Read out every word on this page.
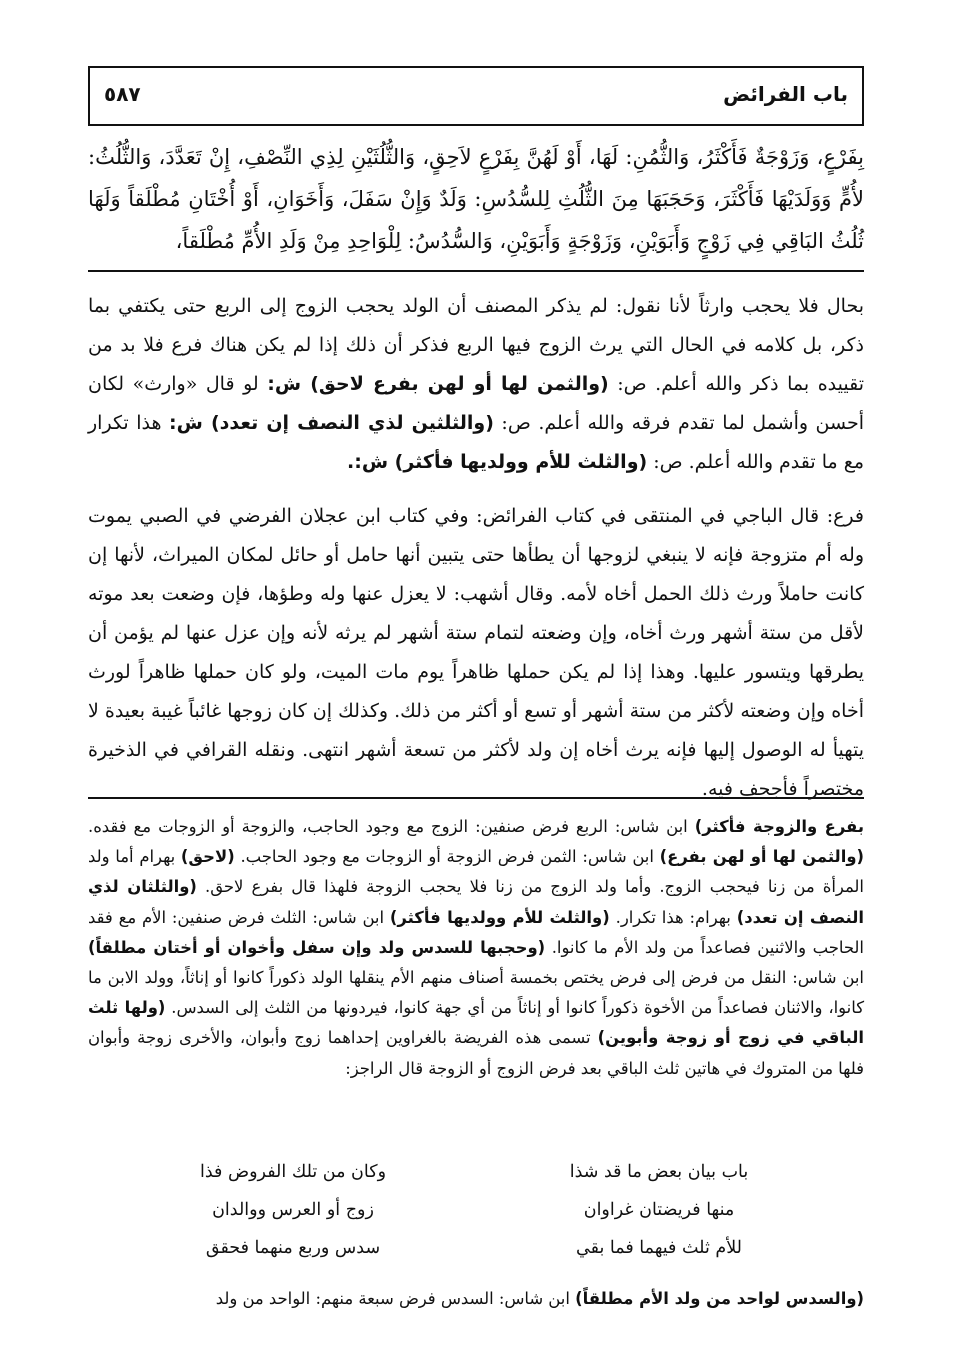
باب الفرائض
٥٨٧
بِفَرْعٍ، وَزَوْجَةٌ فَأَكْثَرُ، وَالثُّمُنِ: لَهَا، أَوْ لَهُنَّ بِفَرْعٍ لاَحِقٍ، وَالثُّلُثَيْنِ لِذِي النِّصْفِ، إِنْ تَعَدَّدَ، وَالثُّلُثُ: لأُمٍّ وَوَلَدَيْهَا فَأَكْثَرَ، وَحَجَبَهَا مِنَ الثُّلُثِ لِلسُّدُسِ: وَلَدٌ وَإِنْ سَفَلَ، وَأَخَوَانِ، أَوْ أُخْتَانِ مُطْلَقاً وَلَهَا ثُلُثُ البَاقِي فِي زَوْجٍ وَأَبَوَيْنِ، وَزَوْجَةٍ وَأَبَوَيْنِ، وَالسُّدُسُ: لِلْوَاحِدِ مِنْ وَلَدِ الأُمِّ مُطْلَقاً،
بحال فلا يحجب وارثاً لأنا نقول: لم يذكر المصنف أن الولد يحجب الزوج إلى الربع حتى يكتفي بما ذكر، بل كلامه في الحال التي يرث الزوج فيها الربع فذكر أن ذلك إذا لم يكن هناك فرع فلا بد من تقييده بما ذكر والله أعلم. ص: (والثمن لها أو لهن بفرع لاحق) ش: لو قال «وارث» لكان أحسن وأشمل لما تقدم فرقه والله أعلم. ص: (والثلثين لذي النصف إن تعدد) ش: هذا تكرار مع ما تقدم والله أعلم. ص: (والثلث للأم وولديها فأكثر) ش:.
فرع: قال الباجي في المنتقى في كتاب الفرائض: وفي كتاب ابن عجلان الفرضي في الصبي يموت وله أم متزوجة فإنه لا ينبغي لزوجها أن يطأها حتى يتبين أنها حامل أو حائل لمكان الميراث، لأنها إن كانت حاملاً ورث ذلك الحمل أخاه لأمه. وقال أشهب: لا يعزل عنها وله وطؤها، فإن وضعت بعد موته لأقل من ستة أشهر ورث أخاه، وإن وضعته لتمام ستة أشهر لم يرثه لأنه وإن عزل عنها لم يؤمن أن يطرقها ويتسور عليها. وهذا إذا لم يكن حملها ظاهراً يوم مات الميت، ولو كان حملها ظاهراً لورث أخاه وإن وضعته لأكثر من ستة أشهر أو تسع أو أكثر من ذلك. وكذلك إن كان زوجها غائباً غيبة بعيدة لا يتهيأ له الوصول إليها فإنه يرث أخاه إن ولد لأكثر من تسعة أشهر انتهى. ونقله القرافي في الذخيرة مختصراً فأجحف فيه.
بفرع والزوجة فأكثر) ابن شاس: الربع فرض صنفين: الزوج مع وجود الحاجب، والزوجة أو الزوجات مع فقده. (والثمن لها أو لهن بفرع) ابن شاس: الثمن فرض الزوجة أو الزوجات مع وجود الحاجب. (لاحق) بهرام أما ولد المرأة من زنا فيحجب الزوج. وأما ولد الزوج من زنا فلا يحجب الزوجة فلهذا قال بفرع لاحق. (والثلثان لذي النصف إن تعدد) بهرام: هذا تكرار. (والثلث للأم وولديها فأكثر) ابن شاس: الثلث فرض صنفين: الأم مع فقد الحاجب والاثنين فصاعداً من ولد الأم ما كانوا. (وحجبها للسدس ولد وإن سفل وأخوان أو أختان مطلقاً) ابن شاس: النقل من فرض إلى فرض يختص بخمسة أصناف منهم الأم ينقلها الولد ذكوراً كانوا أو إناثاً، وولد الابن ما كانوا، والاثنان فصاعداً من الأخوة ذكوراً كانوا أو إناثاً من أي جهة كانوا، فيردونها من الثلث إلى السدس. (ولها ثلث الباقي في زوج أو زوجة وأبوين) تسمى هذه الفريضة بالغراوين إحداهما زوج وأبوان، والأخرى زوجة وأبوان فلها من المتروك في هاتين ثلث الباقي بعد فرض الزوج أو الزوجة قال الراجز:
باب بيان بعض ما قد شذا
وكان من تلك الفروض فذا
منها فريضتان غراوان
زوج أو العرس ووالدان
للأم ثلث فيهما فما بقي
سدس وربع منهما فحقق
(والسدس لواحد من ولد الأم مطلقاً) ابن شاس: السدس فرض سبعة منهم: الواحد من ولد
